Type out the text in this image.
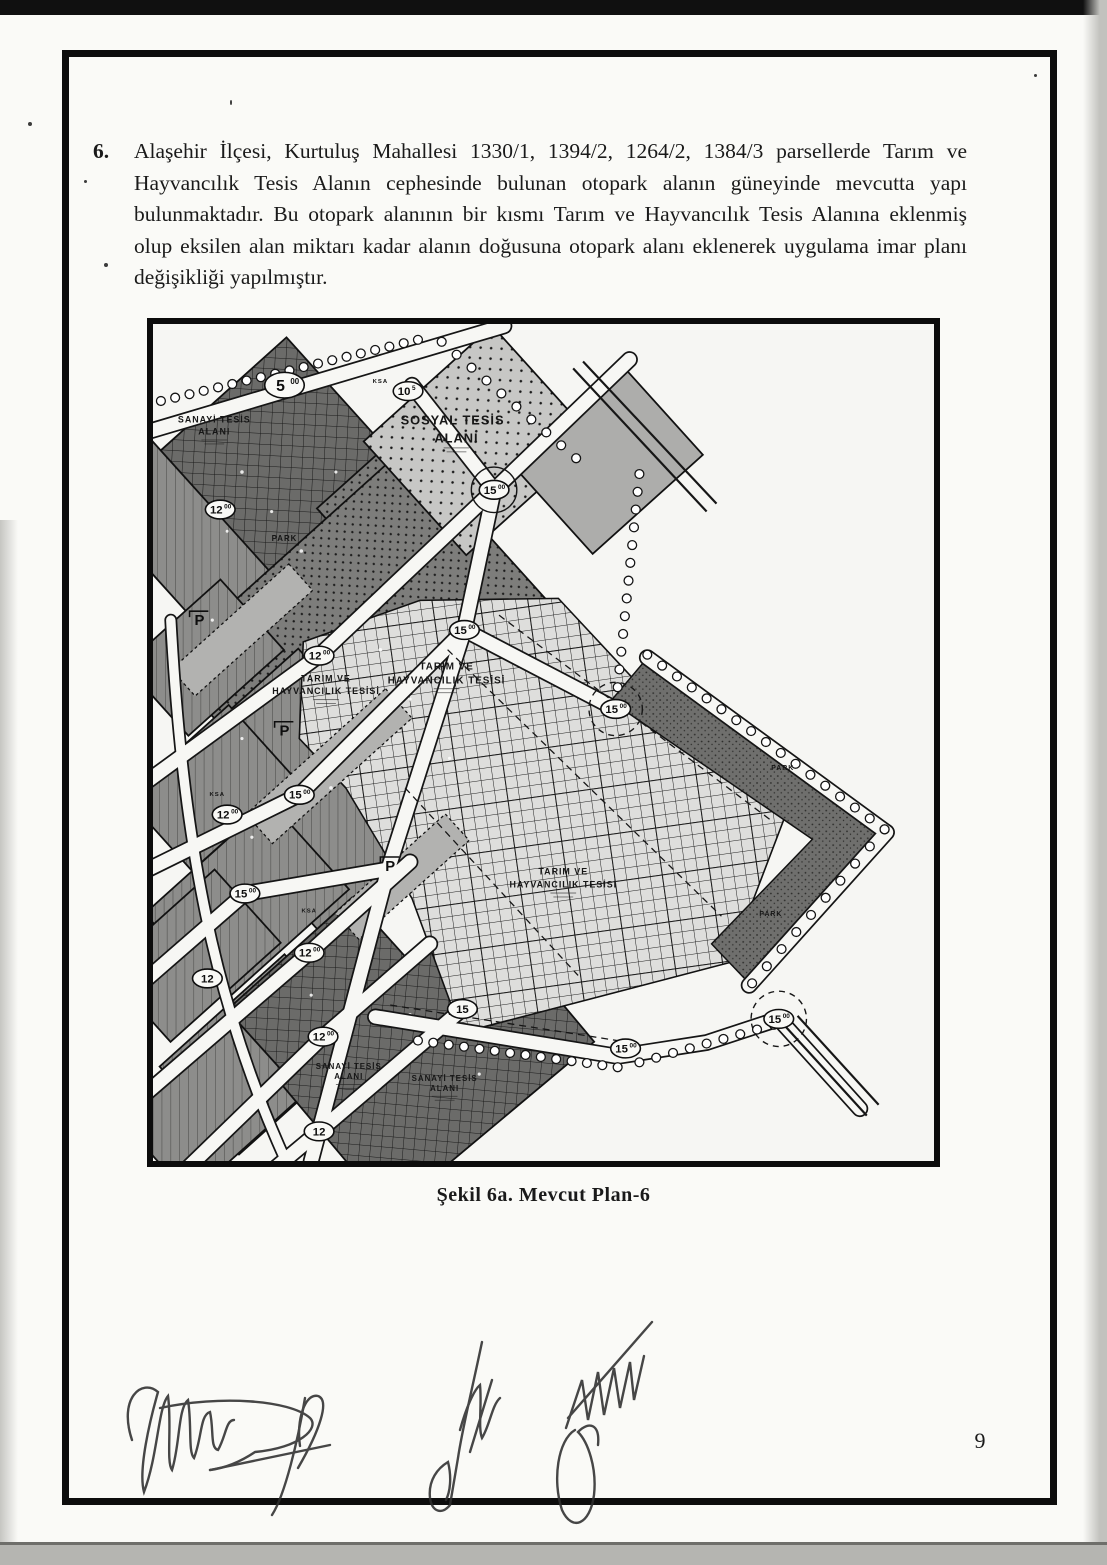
6.	Alaşehir İlçesi, Kurtuluş Mahallesi 1330/1, 1394/2, 1264/2, 1384/3 parsellerde Tarım ve
Hayvancılık Tesis Alanın cephesinde bulunan otopark alanın güneyinde mevcutta yapı
bulunmaktadır. Bu otopark alanının bir kısmı Tarım ve Hayvancılık Tesis Alanına eklenmiş
olup eksilen alan miktarı kadar alanın doğusuna otopark alanı eklenerek uygulama imar planı
değişikliği yapılmıştır.
P
P
P
5 00
10 5
15 00
12 00
12 00
15 00
15 00
15 00
12 00
15 00
12 00
12
12 00
15
15 00
15 00
12
SANAYİ TESİS
ALANI
SOSYAL TESİS
ALANI
PARK
TARIM VE
HAYVANCILIK TESİSİ
TARIM VE
HAYVANCILIK TESİSİ
TARIM VE
HAYVANCILIK TESİSİ
PARK
PARK
SANAYİ TESİS
ALANI	SANAYİ TESİS
ALANI
KSA
KSA
KSA
Şekil 6a. Mevcut Plan-6
9
